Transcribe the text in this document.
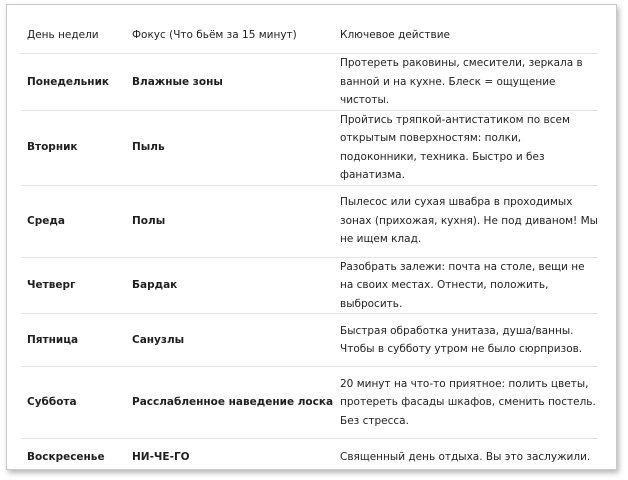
День недели	Фокус (Что бьём за 15 минут)	Ключевое действие
Понедельник	Влажные зоны	Протереть раковины, смесители, зеркала в ванной и на кухне. Блеск = ощущение чистоты.
Вторник	Пыль	Пройтись тряпкой-антистатиком по всем открытым поверхностям: полки, подоконники, техника. Быстро и без фанатизма.
Среда	Полы	Пылесос или сухая швабра в проходимых зонах (прихожая, кухня). Не под диваном! Мы не ищем клад.
Четверг	Бардак	Разобрать залежи: почта на столе, вещи не на своих местах. Отнести, положить, выбросить.
Пятница	Санузлы	Быстрая обработка унитаза, душа/ванны. Чтобы в субботу утром не было сюрпризов.
Суббота	Расслабленное наведение лоска	20 минут на что-то приятное: полить цветы, протереть фасады шкафов, сменить постель. Без стресса.
Воскресенье	НИ-ЧЕ-ГО	Священный день отдыха. Вы это заслужили.
